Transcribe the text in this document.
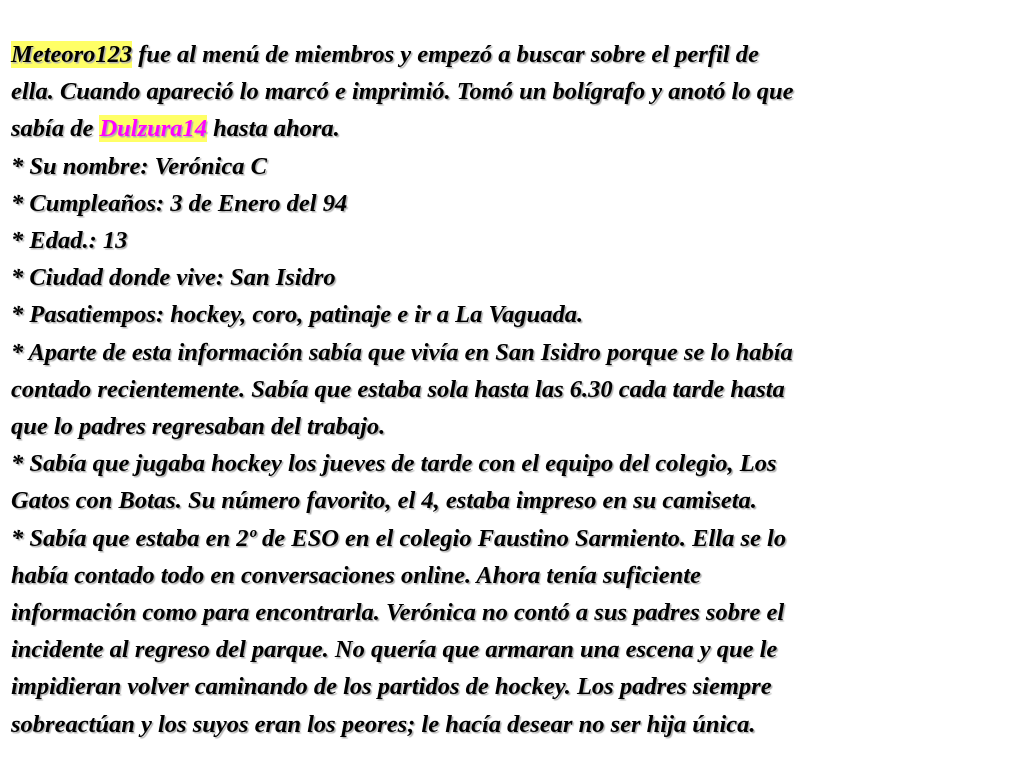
Meteoro123 fue al menú de miembros y empezó a buscar sobre el perfil de
ella. Cuando apareció lo marcó e imprimió. Tomó un bolígrafo y anotó lo que
sabía de Dulzura14 hasta ahora.
* Su nombre: Verónica C
* Cumpleaños: 3 de Enero del 94
* Edad.: 13
* Ciudad donde vive: San Isidro
* Pasatiempos: hockey, coro, patinaje e ir a La Vaguada.
* Aparte de esta información sabía que vivía en San Isidro porque se lo había
contado recientemente. Sabía que estaba sola hasta las 6.30 cada tarde hasta
que lo padres regresaban del trabajo.
* Sabía que jugaba hockey los jueves de tarde con el equipo del colegio, Los
Gatos con Botas. Su número favorito, el 4, estaba impreso en su camiseta.
* Sabía que estaba en 2º de ESO en el colegio Faustino Sarmiento. Ella se lo
había contado todo en conversaciones online. Ahora tenía suficiente
información como para encontrarla. Verónica no contó a sus padres sobre el
incidente al regreso del parque. No quería que armaran una escena y que le
impidieran volver caminando de los partidos de hockey. Los padres siempre
sobreactúan y los suyos eran los peores; le hacía desear no ser hija única.
